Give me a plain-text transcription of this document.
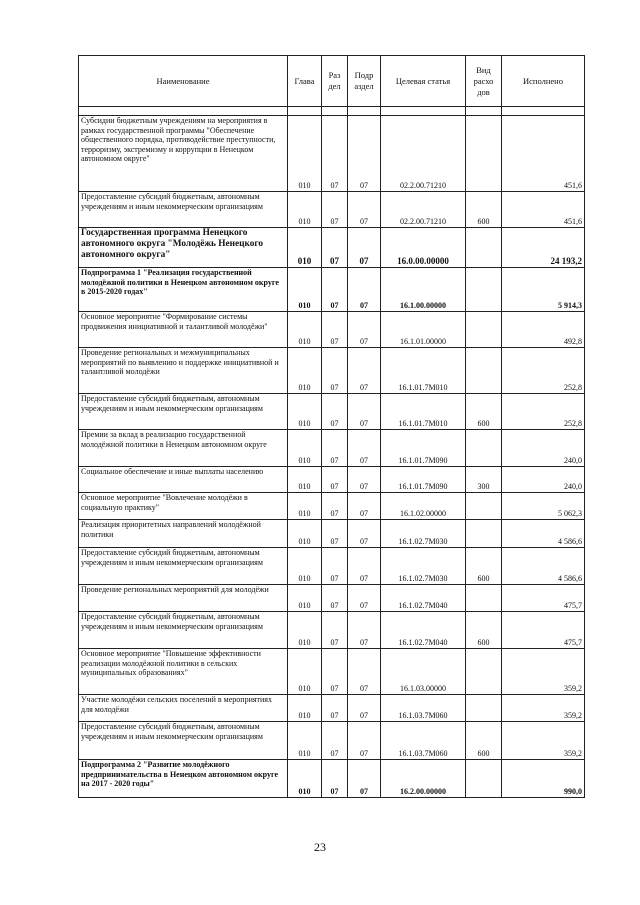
Наименование	Глава	Раз дел	Подр аздел	Целевая статья	Вид расхо дов	Исполнено

Субсидии бюджетным учреждениям на мероприятия в рамках государственной программы "Обеспечение общественного порядка, противодействие преступности, терроризму, экстремизму и коррупции в Ненецком автономном округе"	010	07	07	02.2.00.71210		451,6
Предоставление субсидий бюджетным, автономным учреждениям и иным некоммерческим организациям	010	07	07	02.2.00.71210	600	451,6
Государственная программа Ненецкого автономного округа "Молодёжь Ненецкого автономного округа"	010	07	07	16.0.00.00000		24 193,2
Подпрограмма 1 "Реализация государственной молодёжной политики в Ненецком автономном округе в 2015-2020 годах"	010	07	07	16.1.00.00000		5 914,3
Основное мероприятие "Формирование системы продвижения инициативной и талантливой молодёжи"	010	07	07	16.1.01.00000		492,8
Проведение региональных и межмуниципальных мероприятий по выявлению и поддержке инициативной и талантливой молодёжи	010	07	07	16.1.01.7М010		252,8
Предоставление субсидий бюджетным, автономным учреждениям и иным некоммерческим организациям	010	07	07	16.1.01.7М010	600	252,8
Премии за вклад в реализацию государственной молодёжной политики в Ненецком автономном округе	010	07	07	16.1.01.7М090		240,0
Социальное обеспечение и иные выплаты населению	010	07	07	16.1.01.7М090	300	240,0
Основное мероприятие "Вовлечение молодёжи в социальную практику"	010	07	07	16.1.02.00000		5 062,3
Реализация приоритетных направлений молодёжной политики	010	07	07	16.1.02.7М030		4 586,6
Предоставление субсидий бюджетным, автономным учреждениям и иным некоммерческим организациям	010	07	07	16.1.02.7М030	600	4 586,6
Проведение региональных мероприятий для молодёжи	010	07	07	16.1.02.7М040		475,7
Предоставление субсидий бюджетным, автономным учреждениям и иным некоммерческим организациям	010	07	07	16.1.02.7М040	600	475,7
Основное мероприятие "Повышение эффективности реализации молодёжной политики в сельских муниципальных образованиях"	010	07	07	16.1.03.00000		359,2
Участие молодёжи сельских поселений в мероприятиях для молодёжи	010	07	07	16.1.03.7М060		359,2
Предоставление субсидий бюджетным, автономным учреждениям и иным некоммерческим организациям	010	07	07	16.1.03.7М060	600	359,2
Подпрограмма 2 "Развитие молодёжного предпринимательства в Ненецком автономном округе на 2017 - 2020 годы"	010	07	07	16.2.00.00000		990,0
23
